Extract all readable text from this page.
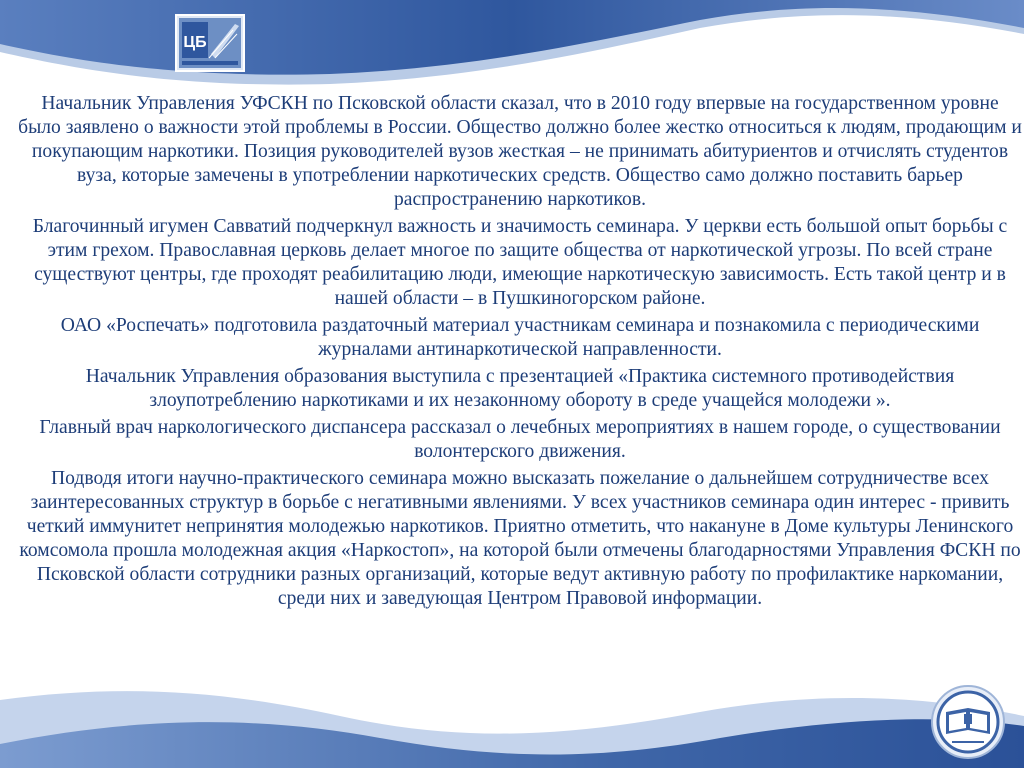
ЦБ

Начальник Управления УФСКН по Псковской области сказал, что в 2010 году впервые на государственном уровне было заявлено о важности этой проблемы в России. Общество должно более жестко относиться к людям, продающим и покупающим наркотики. Позиция руководителей вузов жесткая – не принимать абитуриентов и отчислять студентов вуза, которые замечены в употреблении наркотических средств. Общество само должно поставить барьер распространению наркотиков.

Благочинный игумен Савватий подчеркнул важность и значимость семинара. У церкви есть большой опыт борьбы с этим грехом. Православная церковь делает многое по защите общества от наркотической угрозы. По всей стране существуют центры, где проходят реабилитацию люди, имеющие наркотическую зависимость. Есть такой центр и в нашей области – в Пушкиногорском районе.

ОАО «Роспечать» подготовила раздаточный материал участникам семинара и познакомила с периодическими журналами антинаркотической направленности.

Начальник Управления образования выступила с презентацией «Практика системного противодействия злоупотреблению наркотиками и их незаконному обороту в среде учащейся молодежи ».

Главный врач наркологического диспансера рассказал о лечебных мероприятиях в нашем городе, о существовании волонтерского движения.

Подводя итоги научно-практического семинара можно высказать пожелание о дальнейшем сотрудничестве всех заинтересованных структур в борьбе с негативными явлениями. У всех участников семинара один интерес - привить четкий иммунитет непринятия молодежью наркотиков. Приятно отметить, что накануне в Доме культуры Ленинского комсомола прошла молодежная акция «Наркостоп», на которой были отмечены благодарностями Управления ФСКН по Псковской области сотрудники разных организаций, которые ведут активную работу по профилактике наркомании, среди них и заведующая Центром Правовой информации.
